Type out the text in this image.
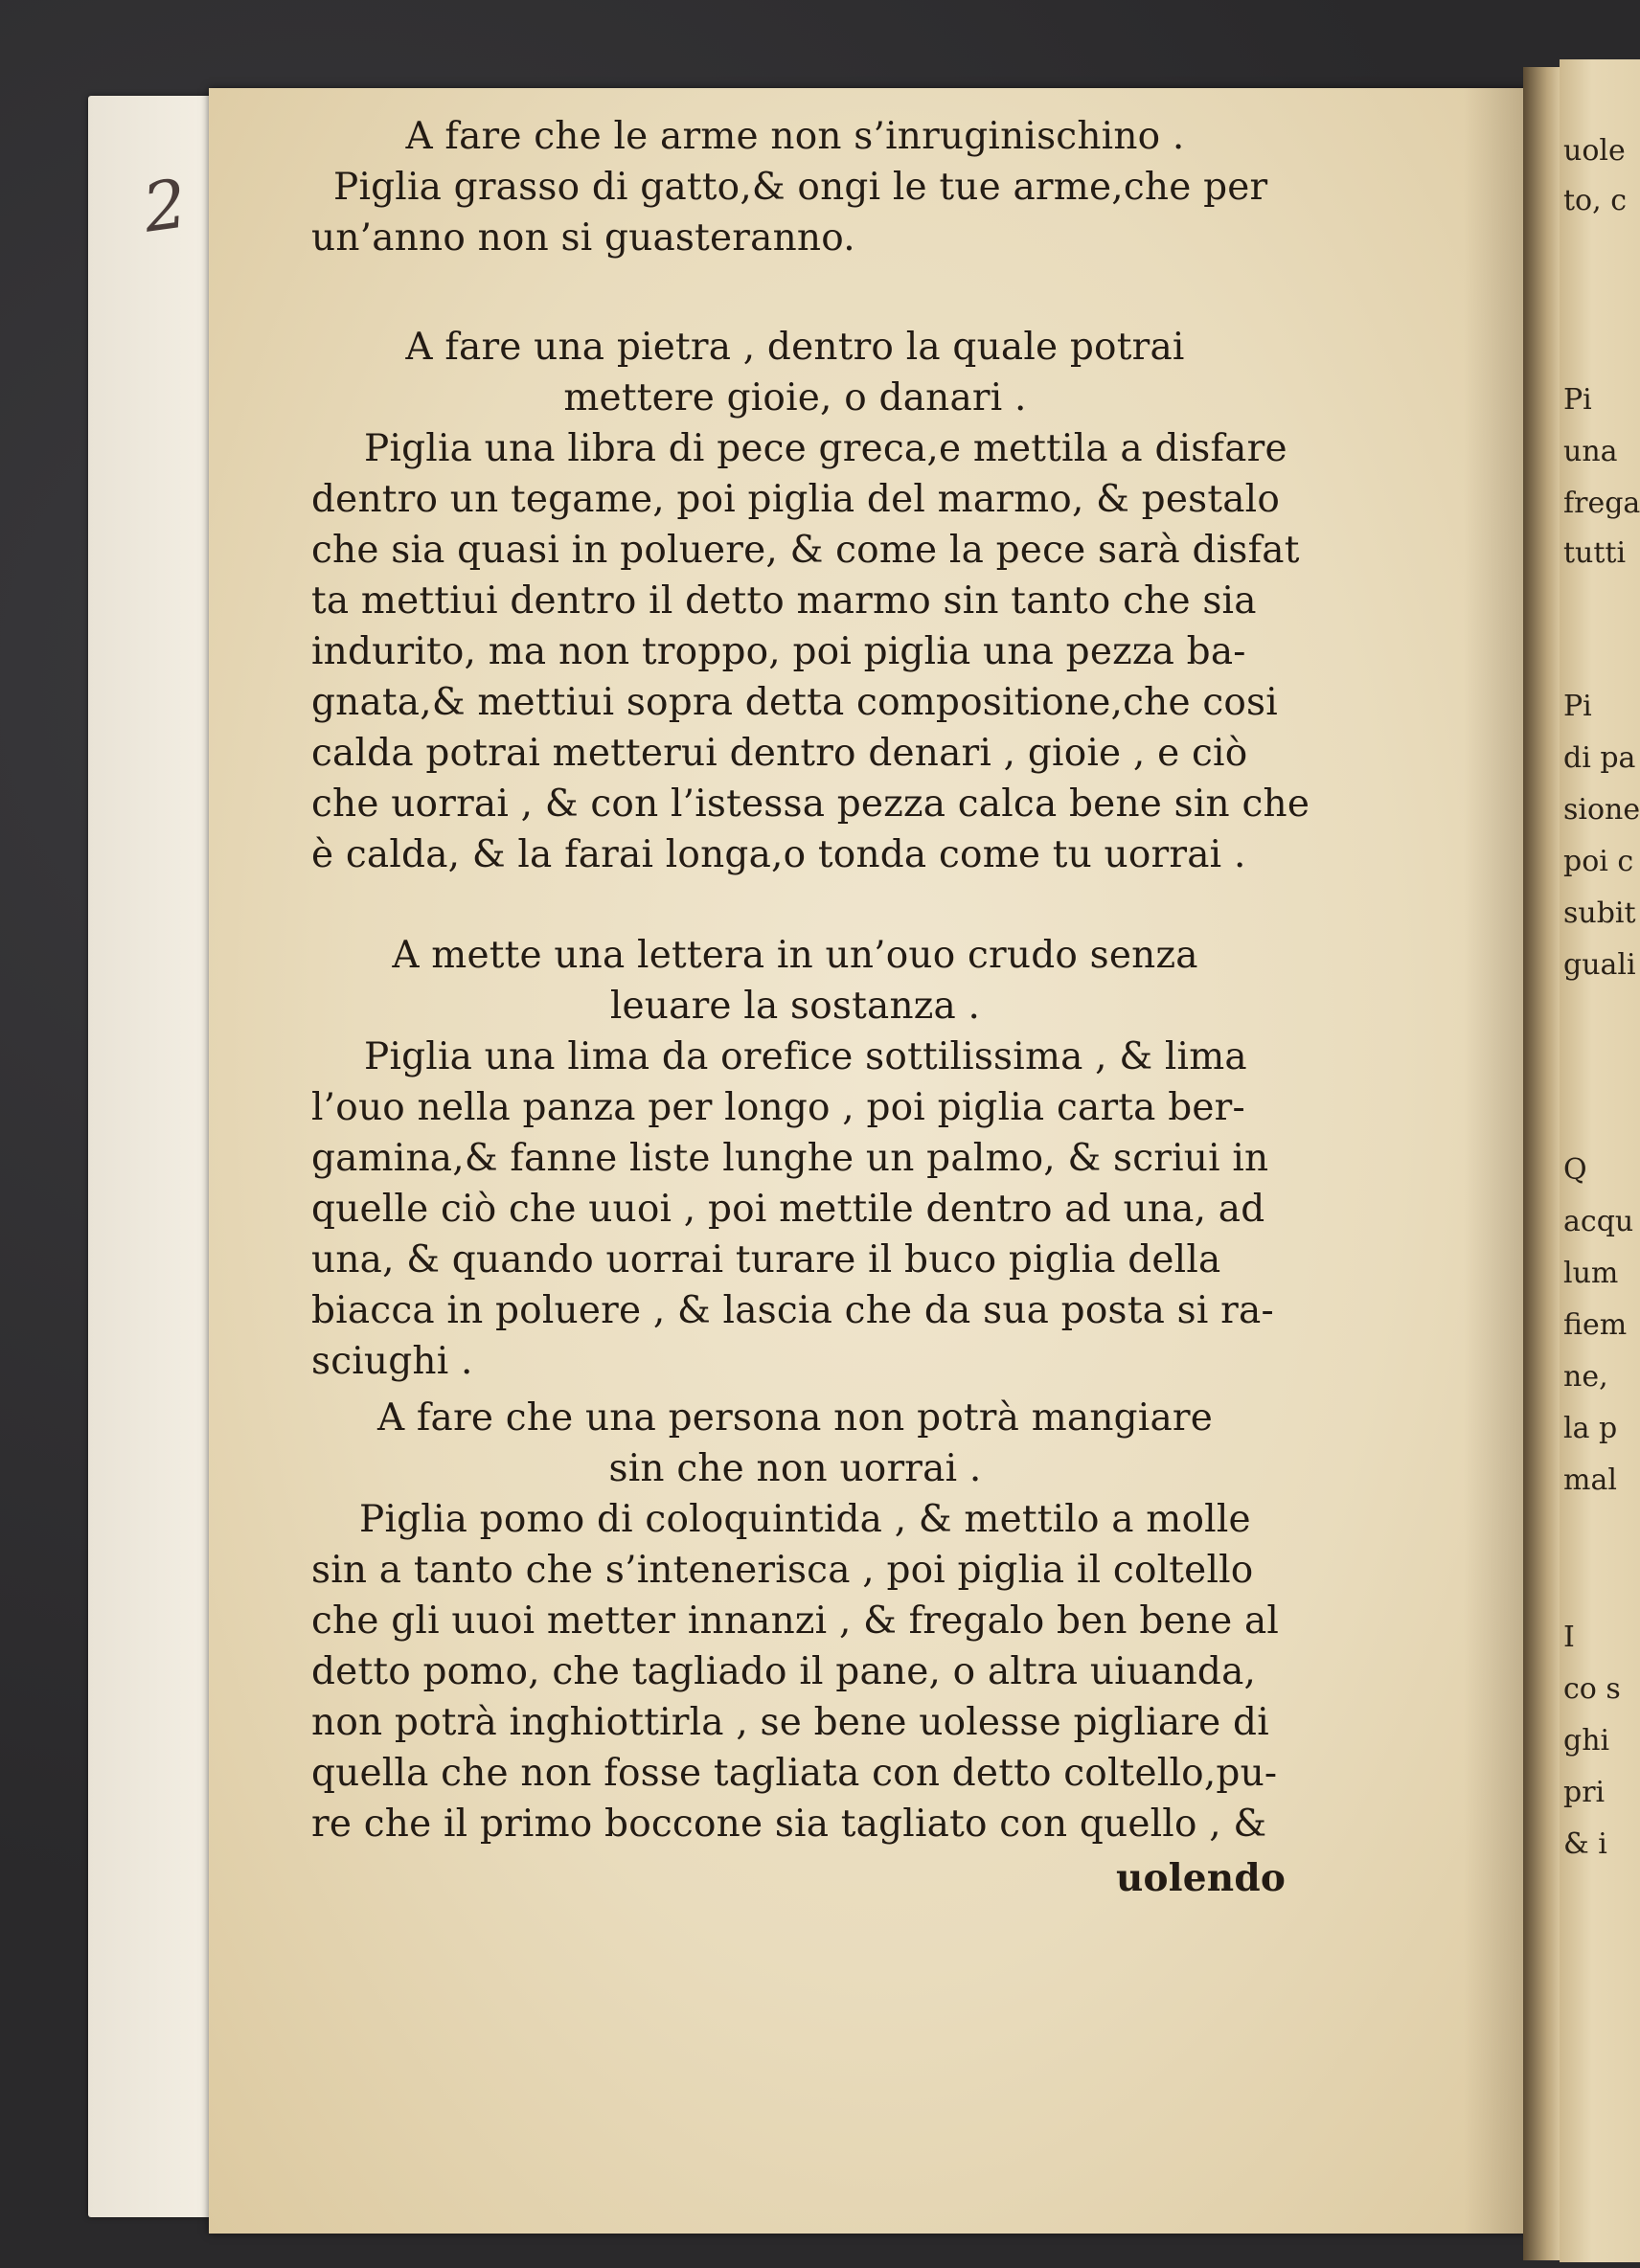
2
uole
to, c
Pi
una
frega
tutti
Pi
di pa
sione
poi c
subit
guali
Q
acqu
lum
fiem
ne,
la p
mal
I
co s
ghi
pri
& i
A fare che le arme non s’inruginischino .
Piglia grasso di gatto,& ongi le tue arme,che per
un’anno non si guasteranno.
A fare una pietra , dentro la quale potrai
mettere gioie, o danari .
Piglia una libra di pece greca,e mettila a disfare
dentro un tegame, poi piglia del marmo, & pestalo
che sia quasi in poluere, & come la pece sarà disfat
ta mettiui dentro il detto marmo sin tanto che sia
indurito, ma non troppo, poi piglia una pezza ba-
gnata,& mettiui sopra detta compositione,che cosi
calda potrai metterui dentro denari , gioie , e ciò
che uorrai , & con l’istessa pezza calca bene sin che
è calda, & la farai longa,o tonda come tu uorrai .
A mette una lettera in un’ouo crudo senza
leuare la sostanza .
Piglia una lima da orefice sottilissima , & lima
l’ouo nella panza per longo , poi piglia carta ber-
gamina,& fanne liste lunghe un palmo, & scriui in
quelle ciò che uuoi , poi mettile dentro ad una, ad
una, & quando uorrai turare il buco piglia della
biacca in poluere , & lascia che da sua posta si ra-
sciughi .
A fare che una persona non potrà mangiare
sin che non uorrai .
Piglia pomo di coloquintida , & mettilo a molle
sin a tanto che s’intenerisca , poi piglia il coltello
che gli uuoi metter innanzi , & fregalo ben bene al
detto pomo, che tagliado il pane, o altra uiuanda,
non potrà inghiottirla , se bene uolesse pigliare di
quella che non fosse tagliata con detto coltello,pu-
re che il primo boccone sia tagliato con quello , &
uolendo
